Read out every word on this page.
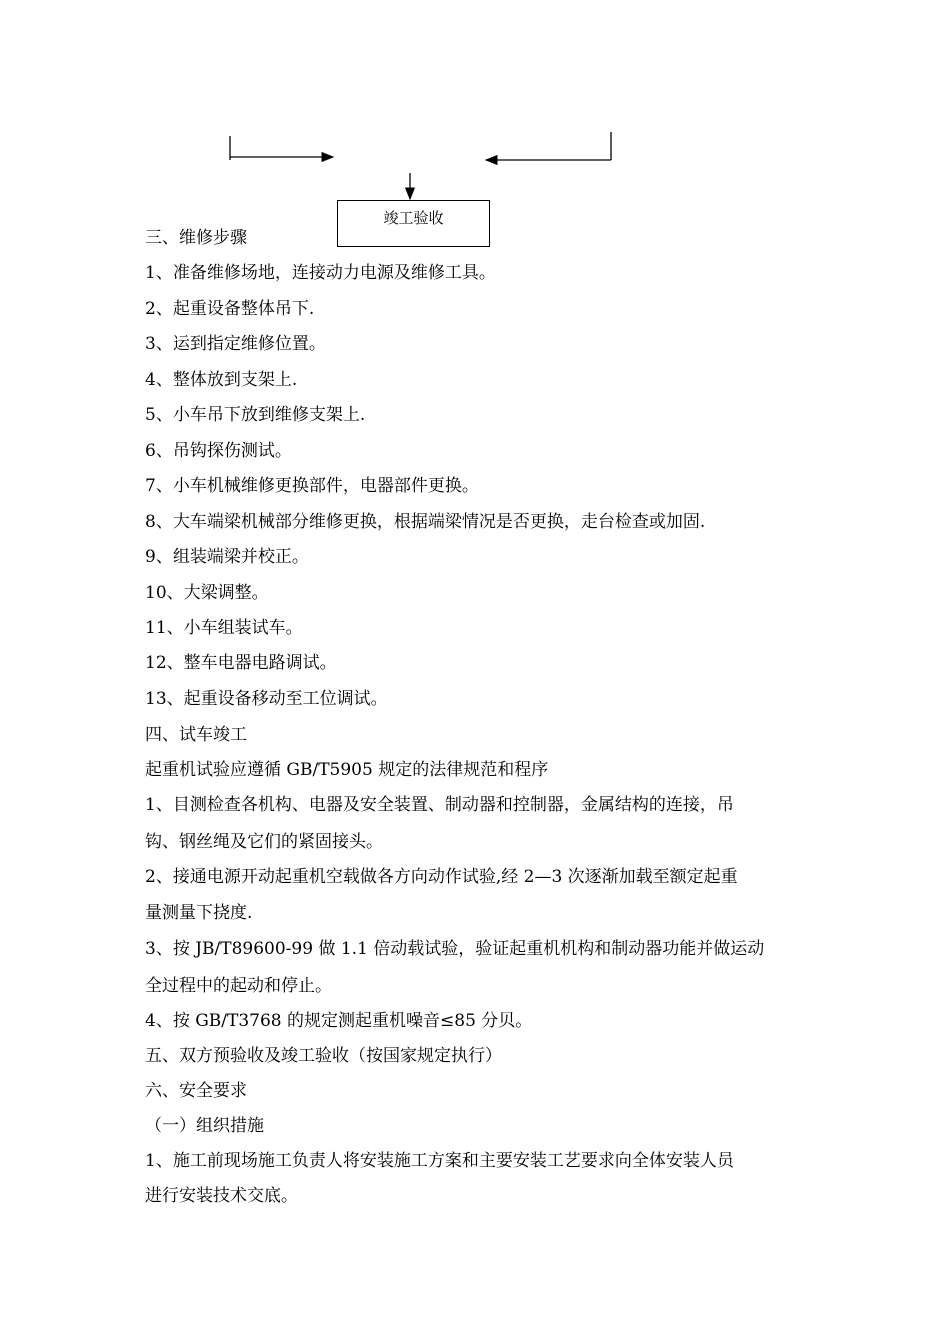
竣工验收
三、维修步骤
1、准备维修场地，连接动力电源及维修工具。
2、起重设备整体吊下.
3、运到指定维修位置。
4、整体放到支架上.
5、小车吊下放到维修支架上.
6、吊钩探伤测试。
7、小车机械维修更换部件，电器部件更换。
8、大车端梁机械部分维修更换，根据端梁情况是否更换，走台检查或加固.
9、组装端梁并校正。
10、大梁调整。
11、小车组装试车。
12、整车电器电路调试。
13、起重设备移动至工位调试。
四、试车竣工
起重机试验应遵循 GB/T5905 规定的法律规范和程序
1、目测检查各机构、电器及安全装置、制动器和控制器，金属结构的连接，吊
钩、钢丝绳及它们的紧固接头。
2、接通电源开动起重机空载做各方向动作试验,经 2—3 次逐渐加载至额定起重
量测量下挠度.
3、按 JB/T89600-99 做 1.1 倍动载试验，验证起重机机构和制动器功能并做运动
全过程中的起动和停止。
4、按 GB/T3768 的规定测起重机噪音≤85 分贝。
五、双方预验收及竣工验收（按国家规定执行）
六、安全要求
（一）组织措施
1、施工前现场施工负责人将安装施工方案和主要安装工艺要求向全体安装人员
进行安装技术交底。
